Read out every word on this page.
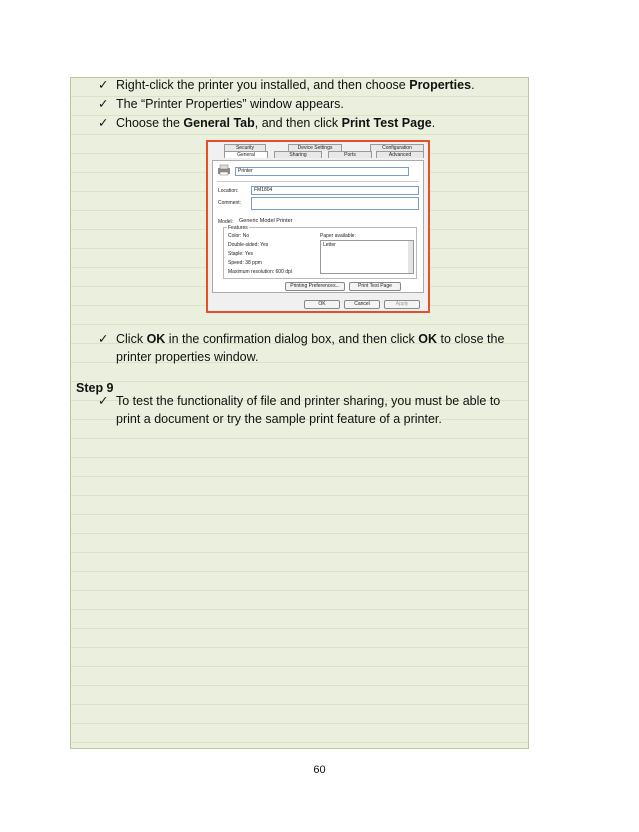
✓ Right-click the printer you installed, and then choose Properties.
✓ The “Printer Properties” window appears.
✓ Choose the General Tab, and then click Print Test Page.
Security	Device Settings	Configuration
General	Sharing	Ports	Advanced
Printer
Location:	FM1804
Comment:
Model: Generic Model Printer
Features
Color: No
Double-sided: Yes
Staple: Yes
Speed: 38 ppm
Maximum resolution: 600 dpi
Paper available:
Letter
Printing Preferences...	Print Test Page
OK	Cancel	Apply
✓ Click OK in the confirmation dialog box, and then click OK to close the
printer properties window.
Step 9
✓ To test the functionality of file and printer sharing, you must be able to
print a document or try the sample print feature of a printer.
60
